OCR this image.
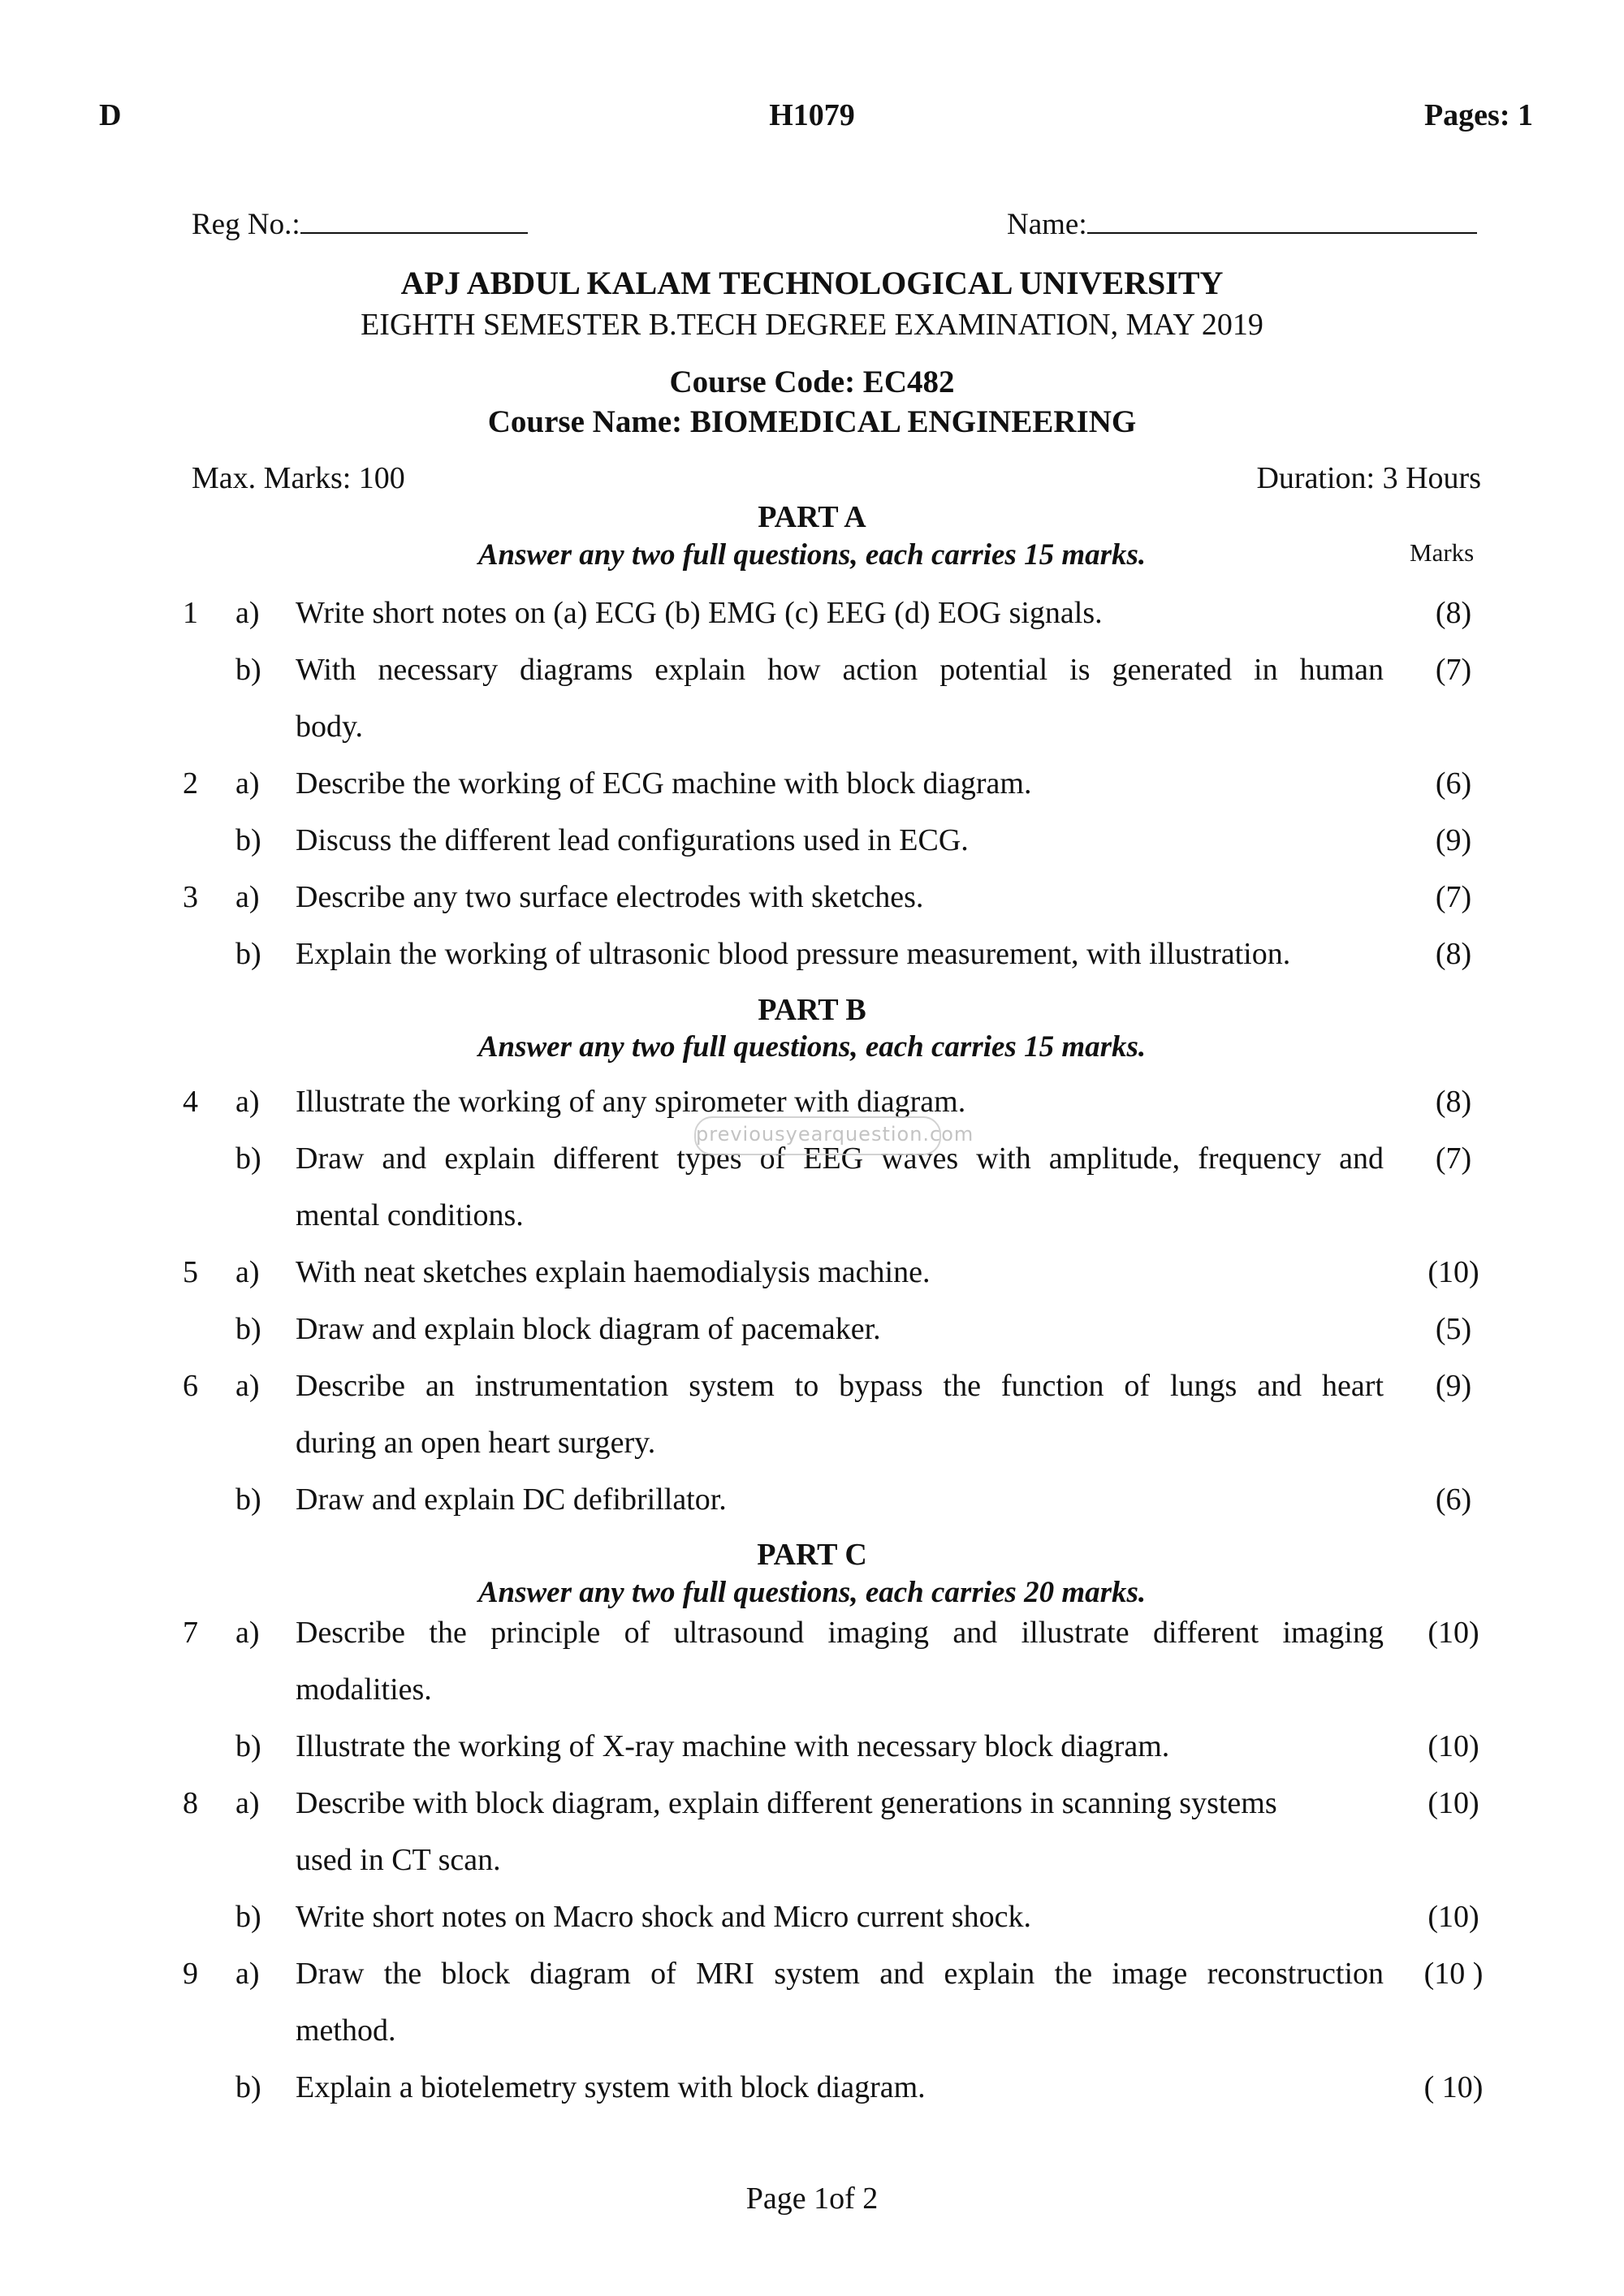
D	H1079	Pages: 1
Reg No.:	Name:
APJ ABDUL KALAM TECHNOLOGICAL UNIVERSITY
EIGHTH SEMESTER B.TECH DEGREE EXAMINATION, MAY 2019
Course Code: EC482
Course Name: BIOMEDICAL ENGINEERING
Max. Marks: 100	Duration: 3 Hours
PART A
Answer any two full questions, each carries 15 marks.	Marks
1	a) Write short notes on (a) ECG (b) EMG (c) EEG (d) EOG signals.	(8)
b) With necessary diagrams explain how action potential is generated in human	(7)
body.
2	a) Describe the working of ECG machine with block diagram.	(6)
b) Discuss the different lead configurations used in ECG.	(9)
3	a) Describe any two surface electrodes with sketches.	(7)
b) Explain the working of ultrasonic blood pressure measurement, with illustration.	(8)
PART B
Answer any two full questions, each carries 15 marks.
4	a) Illustrate the working of any spirometer with diagram.	(8)
b) Draw and explain different types of EEG waves with amplitude, frequency and	(7)
mental conditions.
5	a) With neat sketches explain haemodialysis machine.	(10)
b) Draw and explain block diagram of pacemaker.	(5)
6	a) Describe an instrumentation system to bypass the function of lungs and heart	(9)
during an open heart surgery.
b) Draw and explain DC defibrillator.	(6)
PART C
Answer any two full questions, each carries 20 marks.
7	a) Describe the principle of ultrasound imaging and illustrate different imaging	(10)
modalities.
b) Illustrate the working of X-ray machine with necessary block diagram.	(10)
8	a) Describe with block diagram, explain different generations in scanning systems	(10)
used in CT scan.
b) Write short notes on Macro shock and Micro current shock.	(10)
9	a) Draw the block diagram of MRI system and explain the image reconstruction	(10 )
method.
b) Explain a biotelemetry system with block diagram.	( 10)
previousyearquestion.com
Page 1of 2
